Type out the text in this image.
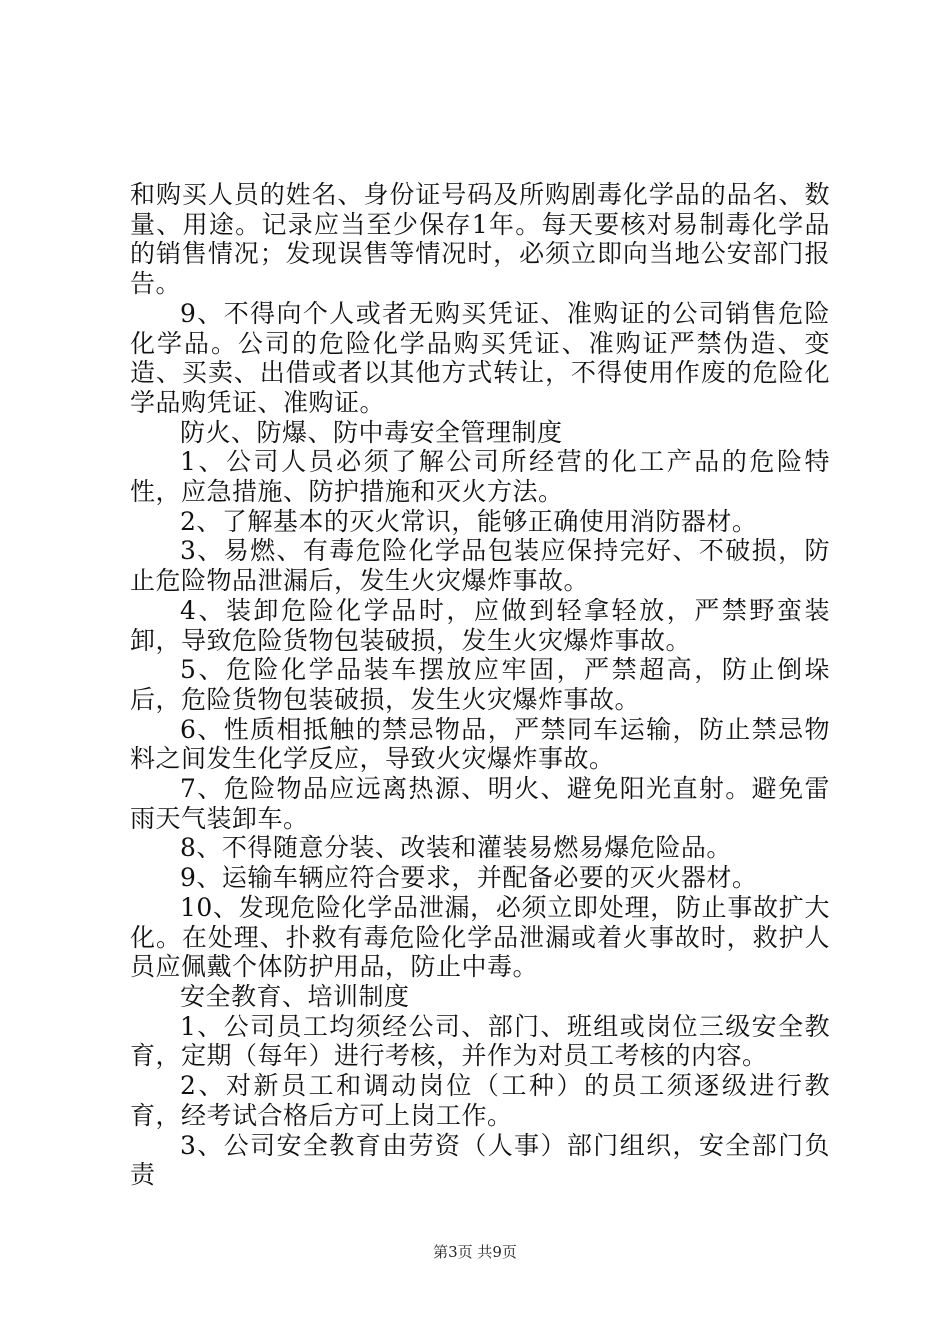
和购买人员的姓名、身份证号码及所购剧毒化学品的品名、数量、用途。记录应当至少保存1年。每天要核对易制毒化学品的销售情况；发现误售等情况时，必须立即向当地公安部门报告。

9、不得向个人或者无购买凭证、准购证的公司销售危险化学品。公司的危险化学品购买凭证、准购证严禁伪造、变造、买卖、出借或者以其他方式转让，不得使用作废的危险化学品购凭证、准购证。

防火、防爆、防中毒安全管理制度

1、公司人员必须了解公司所经营的化工产品的危险特性，应急措施、防护措施和灭火方法。

2、了解基本的灭火常识，能够正确使用消防器材。

3、易燃、有毒危险化学品包装应保持完好、不破损，防止危险物品泄漏后，发生火灾爆炸事故。

4、装卸危险化学品时，应做到轻拿轻放，严禁野蛮装卸，导致危险货物包装破损，发生火灾爆炸事故。

5、危险化学品装车摆放应牢固，严禁超高，防止倒垛后，危险货物包装破损，发生火灾爆炸事故。

6、性质相抵触的禁忌物品，严禁同车运输，防止禁忌物料之间发生化学反应，导致火灾爆炸事故。

7、危险物品应远离热源、明火、避免阳光直射。避免雷雨天气装卸车。

8、不得随意分装、改装和灌装易燃易爆危险品。

9、运输车辆应符合要求，并配备必要的灭火器材。

10、发现危险化学品泄漏，必须立即处理，防止事故扩大化。在处理、扑救有毒危险化学品泄漏或着火事故时，救护人员应佩戴个体防护用品，防止中毒。

安全教育、培训制度

1、公司员工均须经公司、部门、班组或岗位三级安全教育，定期（每年）进行考核，并作为对员工考核的内容。

2、对新员工和调动岗位（工种）的员工须逐级进行教育，经考试合格后方可上岗工作。

3、公司安全教育由劳资（人事）部门组织，安全部门负责

第3页 共9页
